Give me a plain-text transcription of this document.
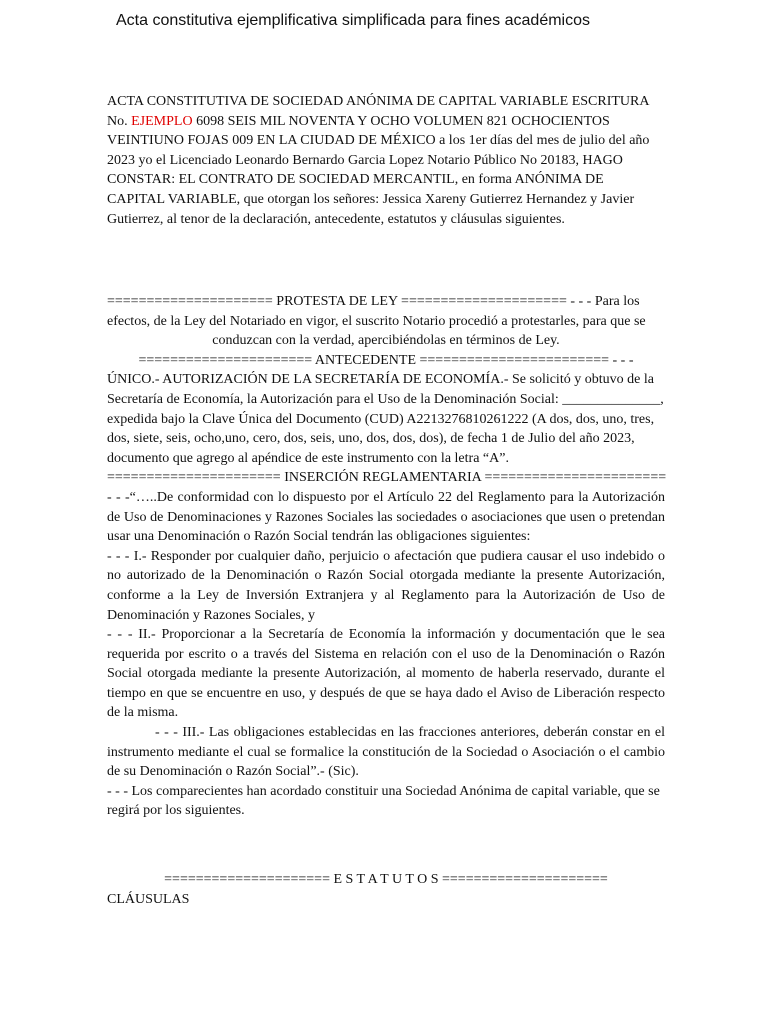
Acta constitutiva ejemplificativa simplificada para fines académicos

ACTA CONSTITUTIVA DE SOCIEDAD ANÓNIMA DE CAPITAL VARIABLE ESCRITURA

No. EJEMPLO 6098 SEIS MIL NOVENTA Y OCHO VOLUMEN 821 OCHOCIENTOS

VEINTIUNO FOJAS 009 EN LA CIUDAD DE MÉXICO a los 1er días del mes de julio del año

2023 yo el Licenciado Leonardo Bernardo Garcia Lopez Notario Público No 20183, HAGO

CONSTAR: EL CONTRATO DE SOCIEDAD MERCANTIL, en forma ANÓNIMA DE

CAPITAL VARIABLE, que otorgan los señores: Jessica Xareny Gutierrez Hernandez y Javier

Gutierrez, al tenor de la declaración, antecedente, estatutos y cláusulas siguientes.

===================== PROTESTA DE LEY ===================== - - - Para los

efectos, de la Ley del Notariado en vigor, el suscrito Notario procedió a protestarles, para que se

conduzcan con la verdad, apercibiéndolas en términos de Ley.

====================== ANTECEDENTE ======================== - - -

ÚNICO.- AUTORIZACIÓN DE LA SECRETARÍA DE ECONOMÍA.- Se solicitó y obtuvo de la

Secretaría de Economía, la Autorización para el Uso de la Denominación Social: ______________,

expedida bajo la Clave Única del Documento (CUD) A2213276810261222 (A dos, dos, uno, tres,

dos, siete, seis, ocho,uno, cero, dos, seis, uno, dos, dos, dos), de fecha 1 de Julio del año 2023,

documento que agrego al apéndice de este instrumento con la letra “A”.

====================== INSERCIÓN REGLAMENTARIA =======================

- - -“…..De conformidad con lo dispuesto por el Artículo 22 del Reglamento para la Autorización de Uso de Denominaciones y Razones Sociales las sociedades o asociaciones que usen o pretendan usar una Denominación o Razón Social tendrán las obligaciones siguientes:

- - - I.- Responder por cualquier daño, perjuicio o afectación que pudiera causar el uso indebido o no autorizado de la Denominación o Razón Social otorgada mediante la presente Autorización, conforme a la Ley de Inversión Extranjera y al Reglamento para la Autorización de Uso de Denominación y Razones Sociales, y

- - - II.- Proporcionar a la Secretaría de Economía la información y documentación que le sea requerida por escrito o a través del Sistema en relación con el uso de la Denominación o Razón Social otorgada mediante la presente Autorización, al momento de haberla reservado, durante el tiempo en que se encuentre en uso, y después de que se haya dado el Aviso de Liberación respecto de la misma.

- - - III.- Las obligaciones establecidas en las fracciones anteriores, deberán constar en el instrumento mediante el cual se formalice la constitución de la Sociedad o Asociación o el cambio de su Denominación o Razón Social”.- (Sic).

- - - Los comparecientes han acordado constituir una Sociedad Anónima de capital variable, que se

regirá por los siguientes.

===================== E S T A T U T O S =====================

CLÁUSULAS
